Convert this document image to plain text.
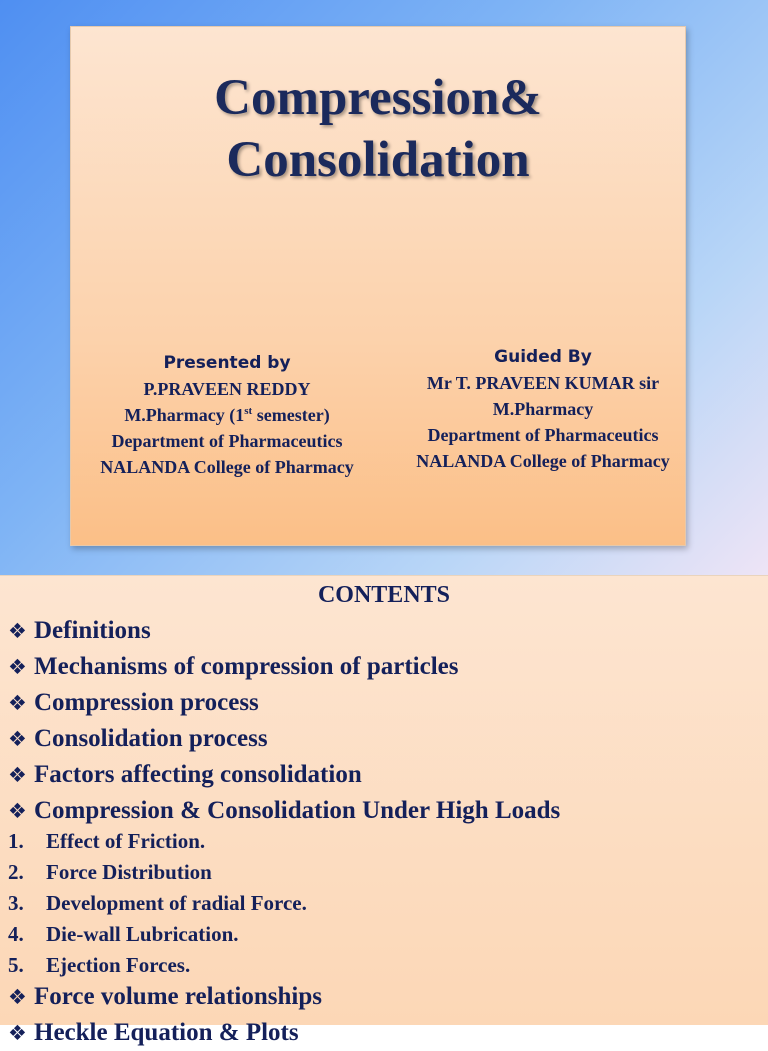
Compression&
Consolidation
Presented by
P.PRAVEEN REDDY
M.Pharmacy (1st semester)
Department of Pharmaceutics
NALANDA College of Pharmacy
Guided By
Mr T. PRAVEEN KUMAR sir
M.Pharmacy
Department of Pharmaceutics
NALANDA College of Pharmacy
CONTENTS
❖ Definitions
❖ Mechanisms of compression of particles
❖ Compression process
❖ Consolidation process
❖ Factors affecting consolidation
❖ Compression & Consolidation Under High Loads
1. Effect of Friction.
2. Force Distribution
3. Development of radial Force.
4. Die-wall Lubrication.
5. Ejection Forces.
❖ Force volume relationships
❖ Heckle Equation & Plots
